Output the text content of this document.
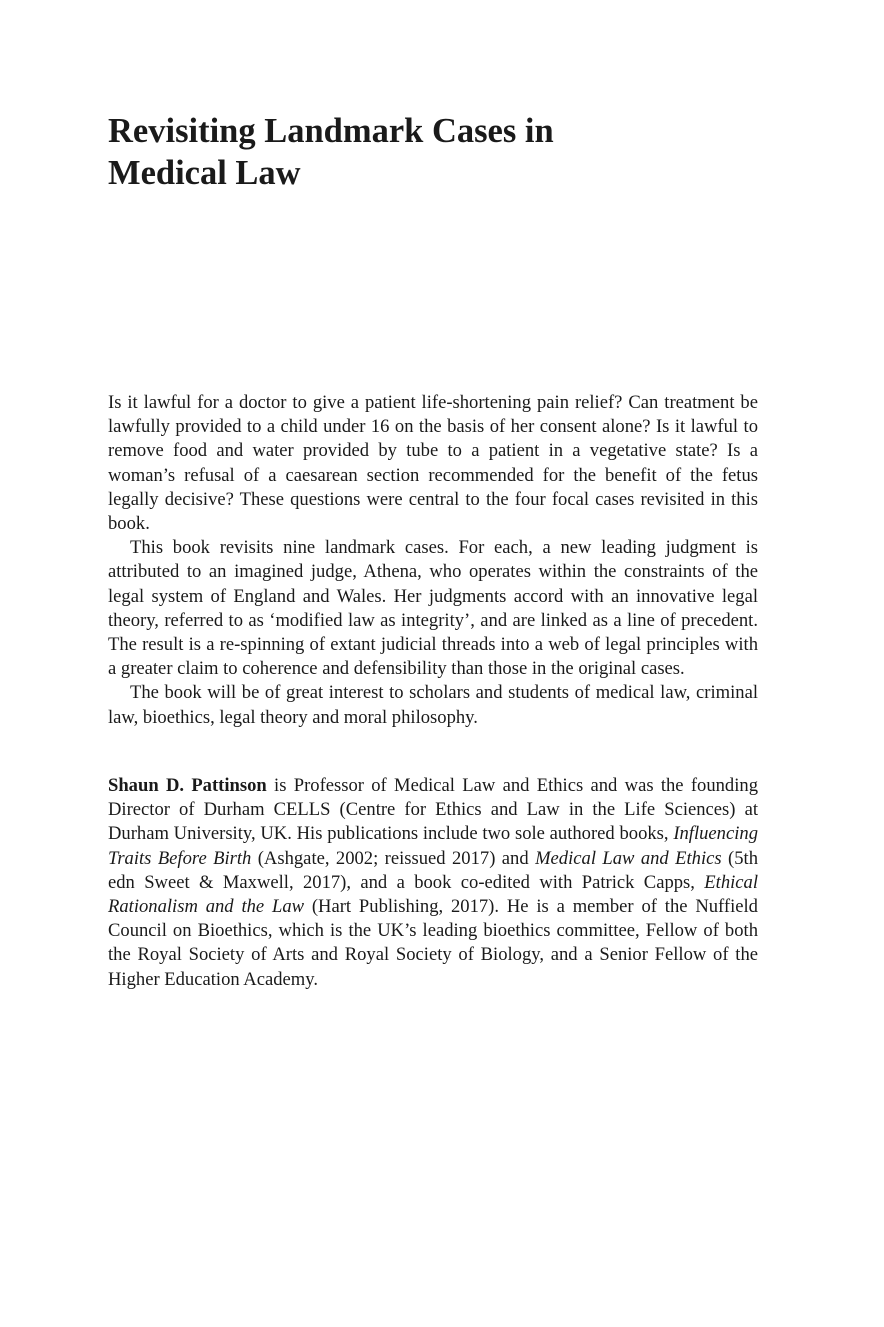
Revisiting Landmark Cases in
Medical Law

Is it lawful for a doctor to give a patient life-shortening pain relief? Can treatment be lawfully provided to a child under 16 on the basis of her consent alone? Is it lawful to remove food and water provided by tube to a patient in a vegetative state? Is a woman’s refusal of a caesarean section recommended for the benefit of the fetus legally decisive? These questions were central to the four focal cases revisited in this book.

This book revisits nine landmark cases. For each, a new leading judgment is attributed to an imagined judge, Athena, who operates within the constraints of the legal system of England and Wales. Her judgments accord with an innovative legal theory, referred to as ‘modified law as integrity’, and are linked as a line of precedent. The result is a re-spinning of extant judicial threads into a web of legal principles with a greater claim to coherence and defensibility than those in the original cases.

The book will be of great interest to scholars and students of medical law, criminal law, bioethics, legal theory and moral philosophy.

Shaun D. Pattinson is Professor of Medical Law and Ethics and was the founding Director of Durham CELLS (Centre for Ethics and Law in the Life Sciences) at Durham University, UK. His publications include two sole authored books, Influencing Traits Before Birth (Ashgate, 2002; reissued 2017) and Medical Law and Ethics (5th edn Sweet & Maxwell, 2017), and a book co-edited with Patrick Capps, Ethical Rationalism and the Law (Hart Publishing, 2017). He is a member of the Nuffield Council on Bioethics, which is the UK’s leading bioethics committee, Fellow of both the Royal Society of Arts and Royal Society of Biology, and a Senior Fellow of the Higher Education Academy.
